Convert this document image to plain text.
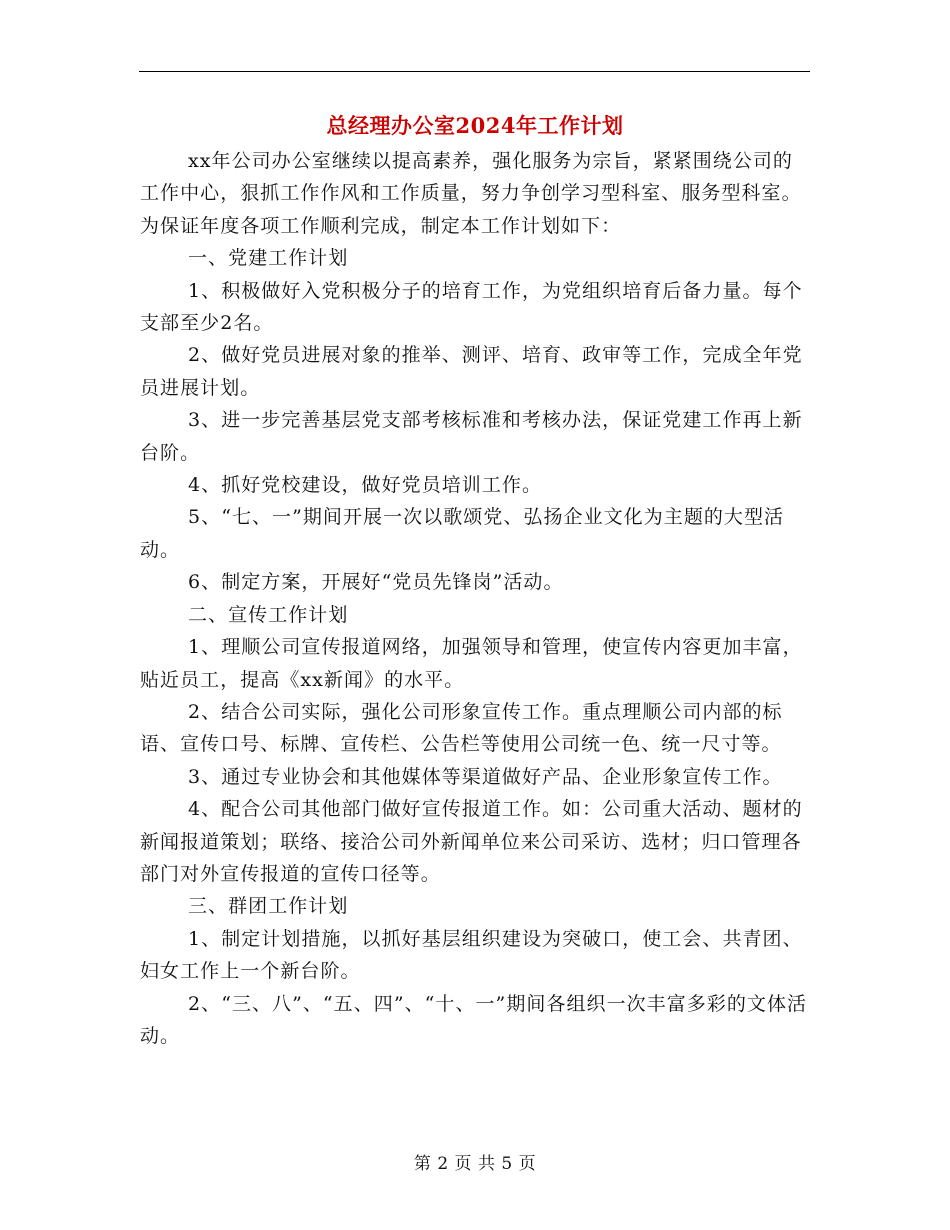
总经理办公室2024年工作计划

xx年公司办公室继续以提高素养，强化服务为宗旨，紧紧围绕公司的工作中心，狠抓工作作风和工作质量，努力争创学习型科室、服务型科室。为保证年度各项工作顺利完成，制定本工作计划如下：

一、党建工作计划

1、积极做好入党积极分子的培育工作，为党组织培育后备力量。每个支部至少2名。

2、做好党员进展对象的推举、测评、培育、政审等工作，完成全年党员进展计划。

3、进一步完善基层党支部考核标准和考核办法，保证党建工作再上新台阶。

4、抓好党校建设，做好党员培训工作。

5、“七、一”期间开展一次以歌颂党、弘扬企业文化为主题的大型活动。

6、制定方案，开展好“党员先锋岗”活动。

二、宣传工作计划

1、理顺公司宣传报道网络，加强领导和管理，使宣传内容更加丰富，贴近员工，提高《xx新闻》的水平。

2、结合公司实际，强化公司形象宣传工作。重点理顺公司内部的标语、宣传口号、标牌、宣传栏、公告栏等使用公司统一色、统一尺寸等。

3、通过专业协会和其他媒体等渠道做好产品、企业形象宣传工作。

4、配合公司其他部门做好宣传报道工作。如：公司重大活动、题材的新闻报道策划；联络、接洽公司外新闻单位来公司采访、选材；归口管理各部门对外宣传报道的宣传口径等。

三、群团工作计划

1、制定计划措施，以抓好基层组织建设为突破口，使工会、共青团、妇女工作上一个新台阶。

2、“三、八”、“五、四”、“十、一”期间各组织一次丰富多彩的文体活动。

第 2 页 共 5 页
